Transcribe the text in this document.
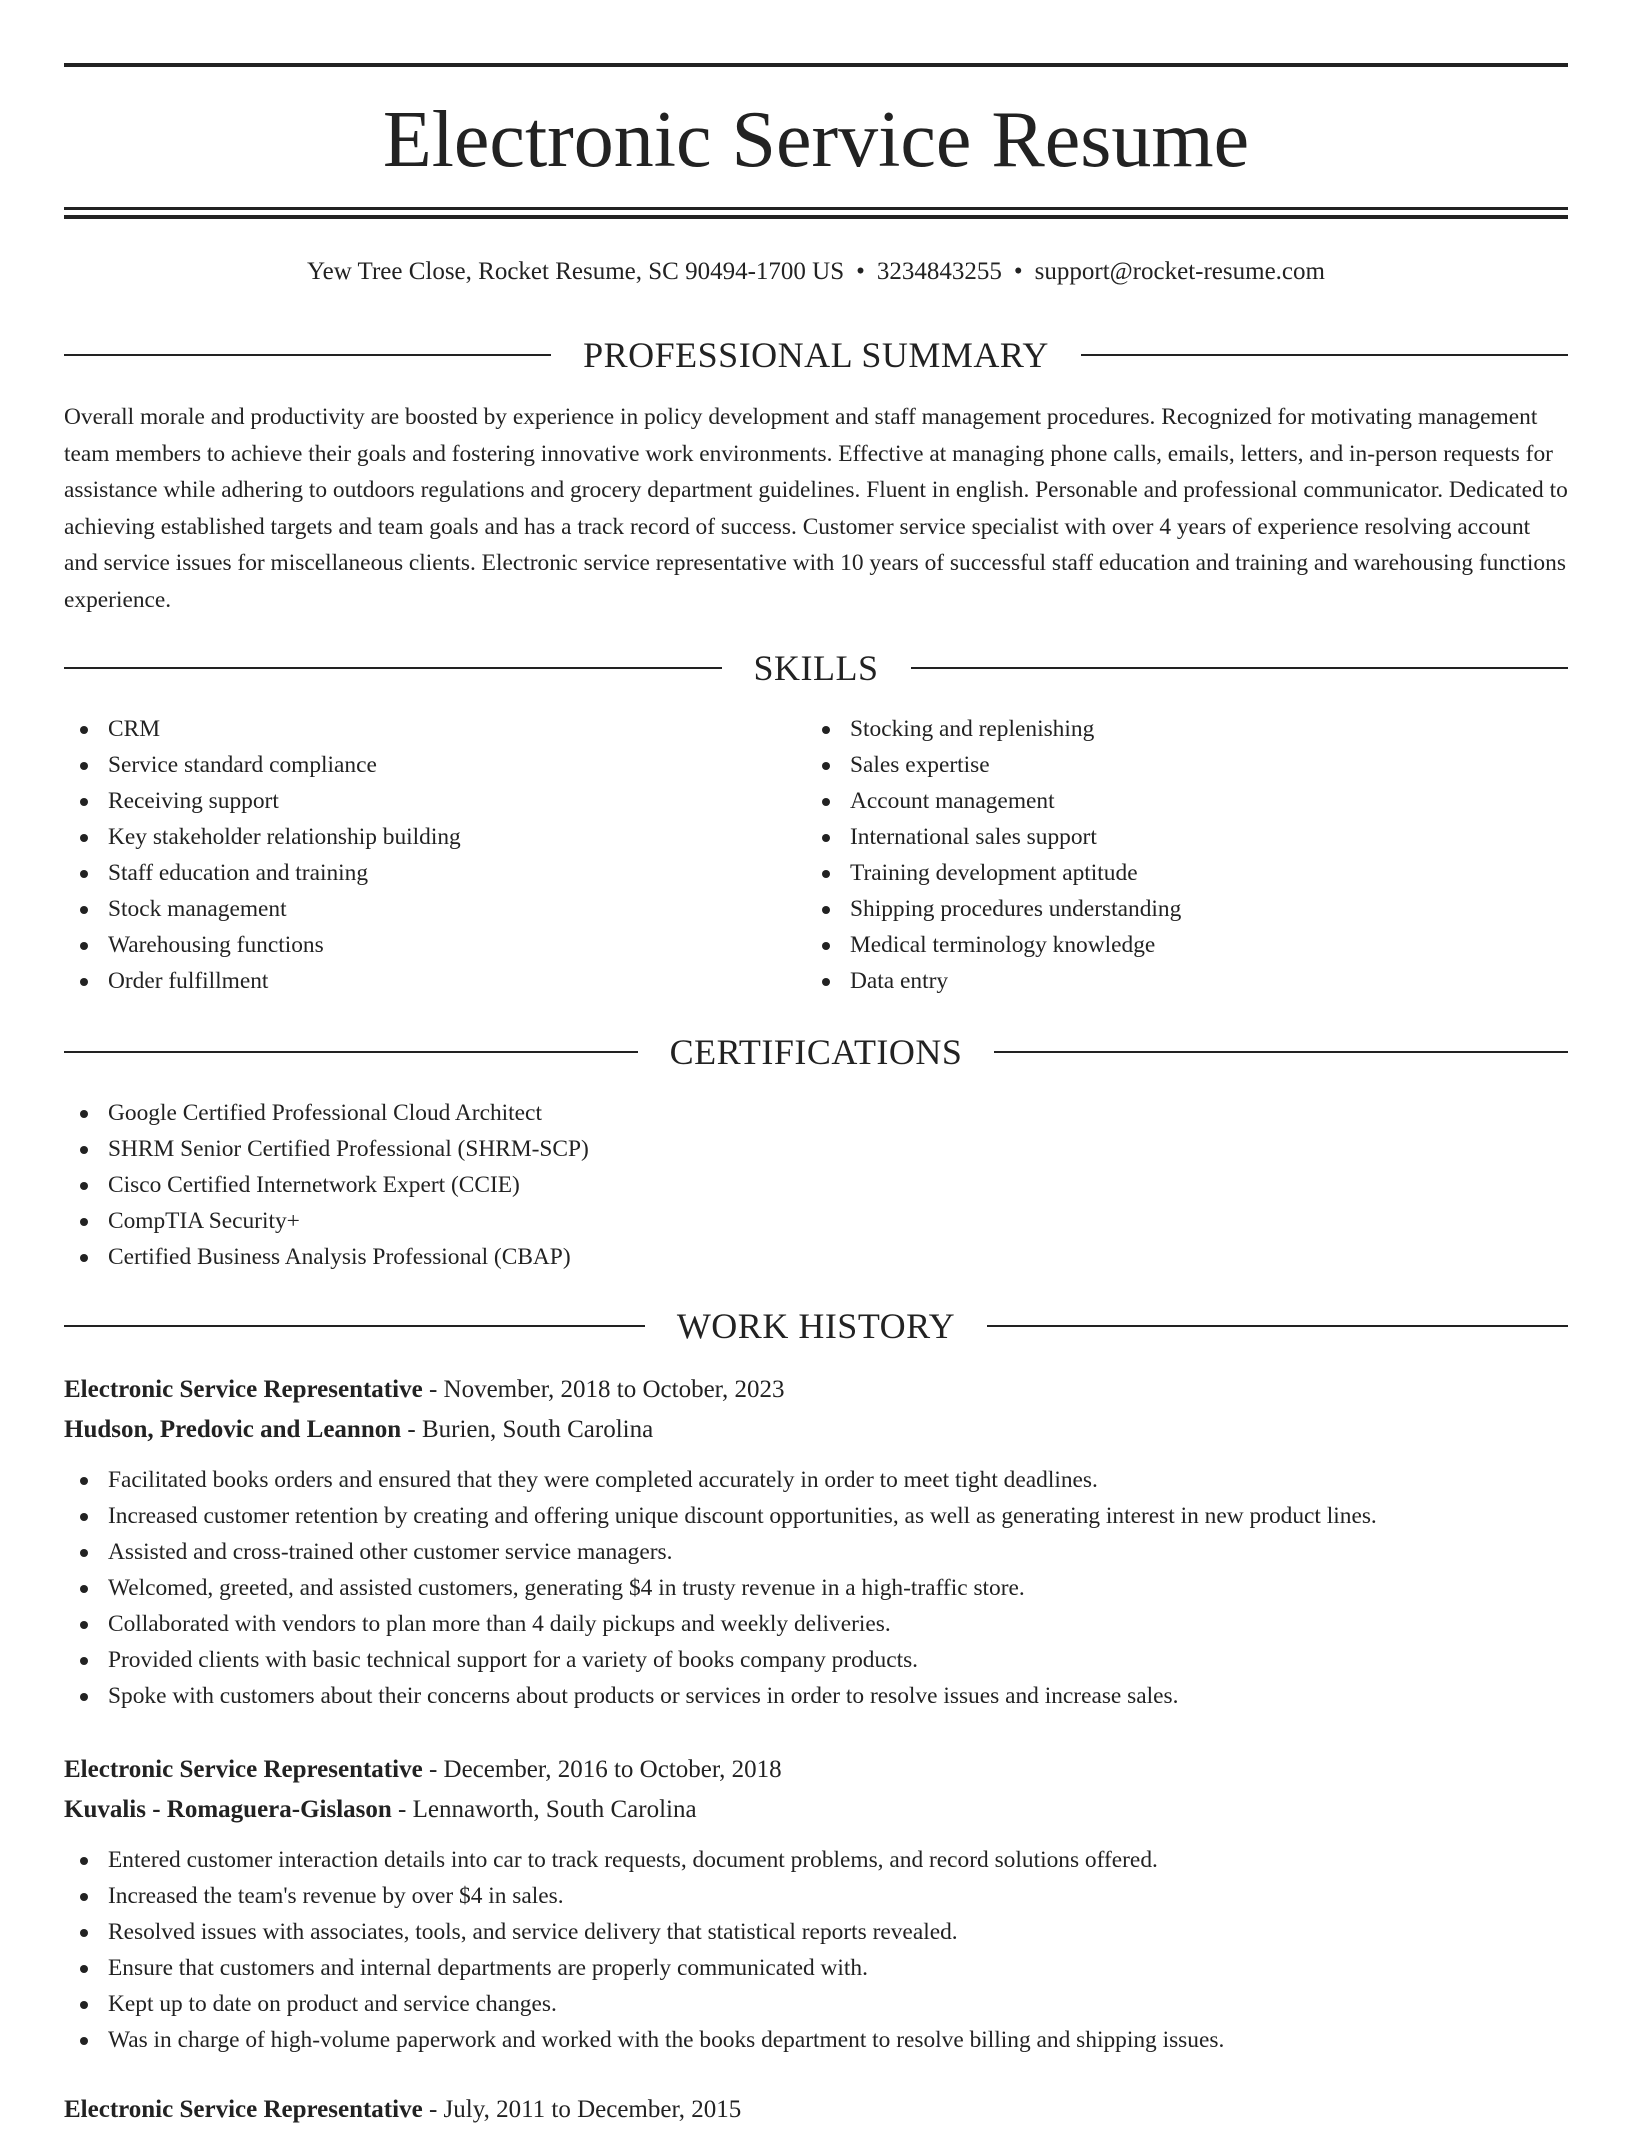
Electronic Service Resume
Yew Tree Close, Rocket Resume, SC 90494-1700 US • 3234843255 • support@rocket-resume.com
PROFESSIONAL SUMMARY
Overall morale and productivity are boosted by experience in policy development and staff management procedures. Recognized for motivating management team members to achieve their goals and fostering innovative work environments. Effective at managing phone calls, emails, letters, and in-person requests for assistance while adhering to outdoors regulations and grocery department guidelines. Fluent in english. Personable and professional communicator. Dedicated to achieving established targets and team goals and has a track record of success. Customer service specialist with over 4 years of experience resolving account and service issues for miscellaneous clients. Electronic service representative with 10 years of successful staff education and training and warehousing functions experience.
SKILLS
CRM
Service standard compliance
Receiving support
Key stakeholder relationship building
Staff education and training
Stock management
Warehousing functions
Order fulfillment
Stocking and replenishing
Sales expertise
Account management
International sales support
Training development aptitude
Shipping procedures understanding
Medical terminology knowledge
Data entry
CERTIFICATIONS
Google Certified Professional Cloud Architect
SHRM Senior Certified Professional (SHRM-SCP)
Cisco Certified Internetwork Expert (CCIE)
CompTIA Security+
Certified Business Analysis Professional (CBAP)
WORK HISTORY
Electronic Service Representative - November, 2018 to October, 2023
Hudson, Predovic and Leannon - Burien, South Carolina
Facilitated books orders and ensured that they were completed accurately in order to meet tight deadlines.
Increased customer retention by creating and offering unique discount opportunities, as well as generating interest in new product lines.
Assisted and cross-trained other customer service managers.
Welcomed, greeted, and assisted customers, generating $4 in trusty revenue in a high-traffic store.
Collaborated with vendors to plan more than 4 daily pickups and weekly deliveries.
Provided clients with basic technical support for a variety of books company products.
Spoke with customers about their concerns about products or services in order to resolve issues and increase sales.
Electronic Service Representative - December, 2016 to October, 2018
Kuvalis - Romaguera-Gislason - Lennaworth, South Carolina
Entered customer interaction details into car to track requests, document problems, and record solutions offered.
Increased the team's revenue by over $4 in sales.
Resolved issues with associates, tools, and service delivery that statistical reports revealed.
Ensure that customers and internal departments are properly communicated with.
Kept up to date on product and service changes.
Was in charge of high-volume paperwork and worked with the books department to resolve billing and shipping issues.
Electronic Service Representative - July, 2011 to December, 2015
